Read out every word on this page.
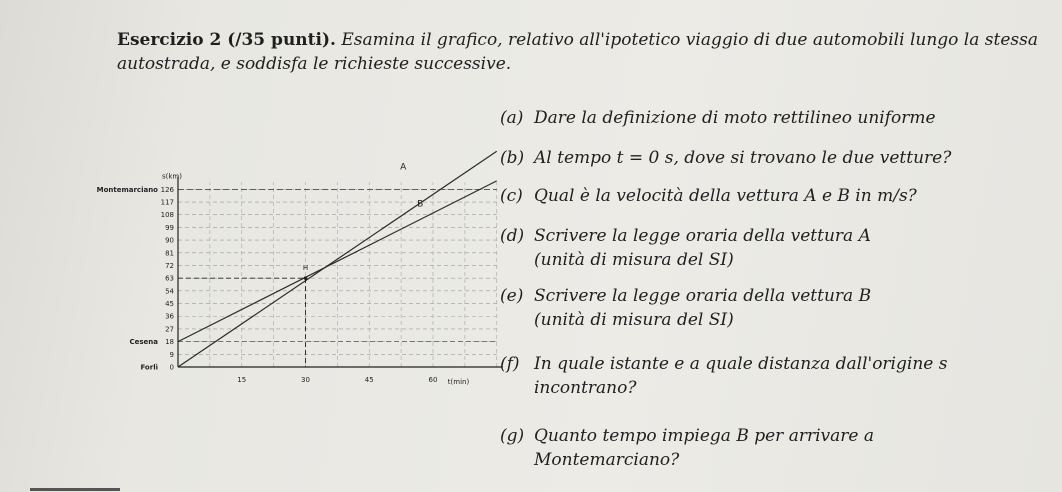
Esercizio 2 (/35 punti). Esamina il grafico, relativo all'ipotetico viaggio di due automobili lungo la stessa autostrada, e soddisfa le richieste successive.
0
9
18
27
36
45
54
63
72
81
90
99
108
117
126
15	30	45	60
s(km)
t(min)
Montemarciano
Cesena
Forlì
A
B
H
(a) Dare la definizione di moto rettilineo uniforme
(b) Al tempo t = 0 s, dove si trovano le due vetture?
(c) Qual è la velocità della vettura A e B in m/s?
(d) Scrivere la legge oraria della vettura A
(unità di misura del SI)
(e) Scrivere la legge oraria della vettura B
(unità di misura del SI)
(f) In quale istante e a quale distanza dall'origine s
incontrano?
(g) Quanto tempo impiega B per arrivare a
Montemarciano?
